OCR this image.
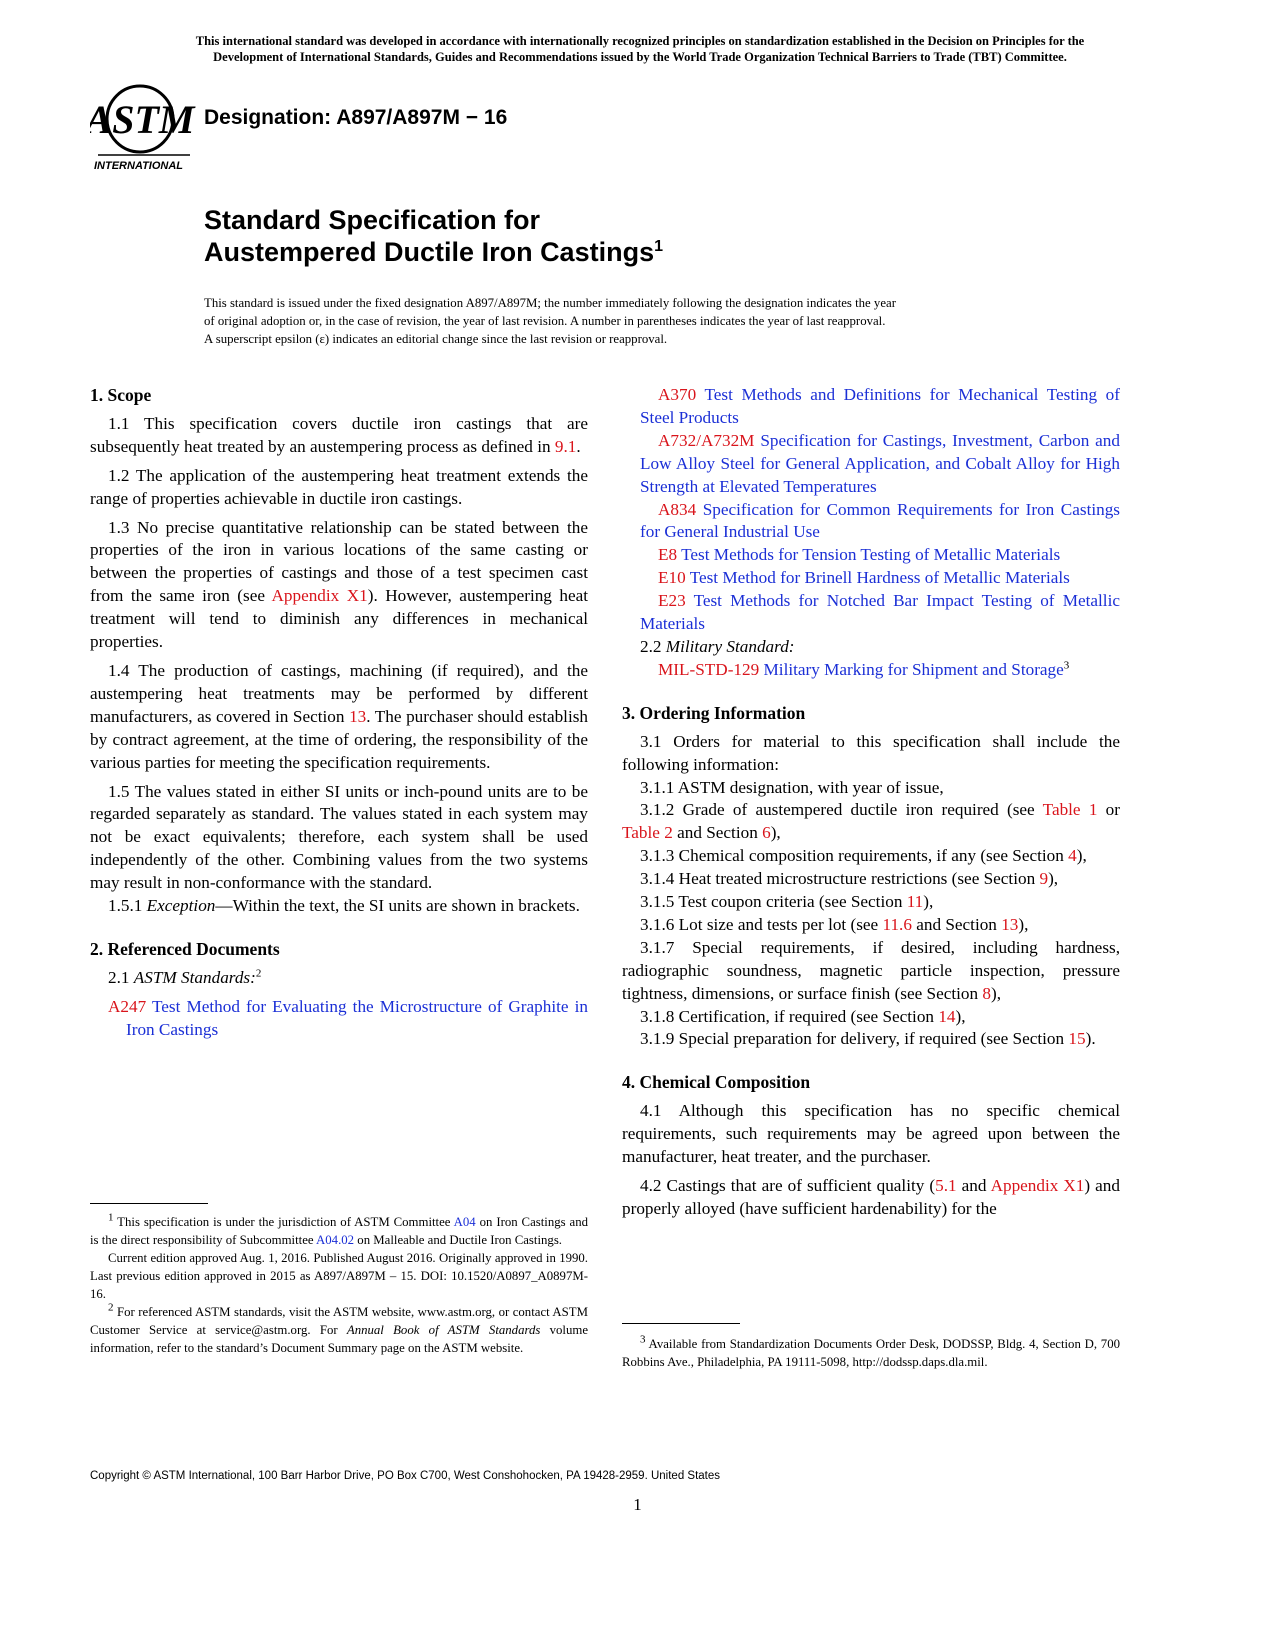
This international standard was developed in accordance with internationally recognized principles on standardization established in the Decision on Principles for the
Development of International Standards, Guides and Recommendations issued by the World Trade Organization Technical Barriers to Trade (TBT) Committee.
ASTM
INTERNATIONAL
Designation: A897/A897M − 16
Standard Specification for
Austempered Ductile Iron Castings$^1$
This standard is issued under the fixed designation A897/A897M; the number immediately following the designation indicates the year
of original adoption or, in the case of revision, the year of last revision. A number in parentheses indicates the year of last reapproval.
A superscript epsilon (ε) indicates an editorial change since the last revision or reapproval.
1. Scope

1.1 This specification covers ductile iron castings that are subsequently heat treated by an austempering process as defined in 9.1.

1.2 The application of the austempering heat treatment extends the range of properties achievable in ductile iron castings.

1.3 No precise quantitative relationship can be stated between the properties of the iron in various locations of the same casting or between the properties of castings and those of a test specimen cast from the same iron (see Appendix X1). However, austempering heat treatment will tend to diminish any differences in mechanical properties.

1.4 The production of castings, machining (if required), and the austempering heat treatments may be performed by different manufacturers, as covered in Section 13. The purchaser should establish by contract agreement, at the time of ordering, the responsibility of the various parties for meeting the specification requirements.

1.5 The values stated in either SI units or inch-pound units are to be regarded separately as standard. The values stated in each system may not be exact equivalents; therefore, each system shall be used independently of the other. Combining values from the two systems may result in non-conformance with the standard.

1.5.1 Exception—Within the text, the SI units are shown in brackets.

2. Referenced Documents

2.1 ASTM Standards:$^2$

A247 Test Method for Evaluating the Microstructure of Graphite in Iron Castings

A370 Test Methods and Definitions for Mechanical Testing of Steel Products

A732/A732M Specification for Castings, Investment, Carbon and Low Alloy Steel for General Application, and Cobalt Alloy for High Strength at Elevated Temperatures

A834 Specification for Common Requirements for Iron Castings for General Industrial Use

E8 Test Methods for Tension Testing of Metallic Materials

E10 Test Method for Brinell Hardness of Metallic Materials

E23 Test Methods for Notched Bar Impact Testing of Metallic Materials

2.2 Military Standard:

MIL-STD-129 Military Marking for Shipment and Storage$^3$

3. Ordering Information

3.1 Orders for material to this specification shall include the following information:

3.1.1 ASTM designation, with year of issue,

3.1.2 Grade of austempered ductile iron required (see Table 1 or Table 2 and Section 6),

3.1.3 Chemical composition requirements, if any (see Section 4),

3.1.4 Heat treated microstructure restrictions (see Section 9),

3.1.5 Test coupon criteria (see Section 11),

3.1.6 Lot size and tests per lot (see 11.6 and Section 13),

3.1.7 Special requirements, if desired, including hardness, radiographic soundness, magnetic particle inspection, pressure tightness, dimensions, or surface finish (see Section 8),

3.1.8 Certification, if required (see Section 14),

3.1.9 Special preparation for delivery, if required (see Section 15).

4. Chemical Composition

4.1 Although this specification has no specific chemical requirements, such requirements may be agreed upon between the manufacturer, heat treater, and the purchaser.

4.2 Castings that are of sufficient quality (5.1 and Appendix X1) and properly alloyed (have sufficient hardenability) for the

$^1$ This specification is under the jurisdiction of ASTM Committee A04 on Iron Castings and is the direct responsibility of Subcommittee A04.02 on Malleable and Ductile Iron Castings.

Current edition approved Aug. 1, 2016. Published August 2016. Originally approved in 1990. Last previous edition approved in 2015 as A897/A897M – 15. DOI: 10.1520/A0897_A0897M-16.

$^2$ For referenced ASTM standards, visit the ASTM website, www.astm.org, or contact ASTM Customer Service at service@astm.org. For Annual Book of ASTM Standards volume information, refer to the standard’s Document Summary page on the ASTM website.

$^3$ Available from Standardization Documents Order Desk, DODSSP, Bldg. 4, Section D, 700 Robbins Ave., Philadelphia, PA 19111-5098, http://dodssp.daps.dla.mil.

Copyright © ASTM International, 100 Barr Harbor Drive, PO Box C700, West Conshohocken, PA 19428-2959. United States
1
